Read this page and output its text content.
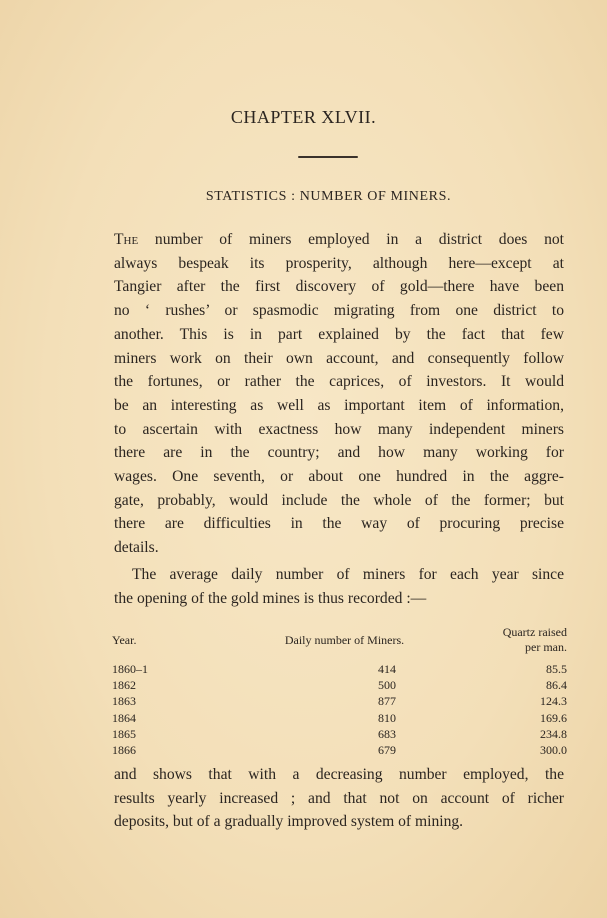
CHAPTER XLVII.
STATISTICS : NUMBER OF MINERS.
The number of miners employed in a district does not
always bespeak its prosperity, although here—except at
Tangier after the first discovery of gold—there have been
no ‘ rushes’ or spasmodic migrating from one district to
another. This is in part explained by the fact that few
miners work on their own account, and consequently follow
the fortunes, or rather the caprices, of investors. It would
be an interesting as well as important item of information,
to ascertain with exactness how many independent miners
there are in the country; and how many working for
wages. One seventh, or about one hundred in the aggre-
gate, probably, would include the whole of the former; but
there are difficulties in the way of procuring precise
details.
The average daily number of miners for each year since
the opening of the gold mines is thus recorded :—
Year.	Daily number of Miners.	Quartz raised per man.
1860–1	414	85.5
1862	500	86.4
1863	877	124.3
1864	810	169.6
1865	683	234.8
1866	679	300.0
and shows that with a decreasing number employed, the
results yearly increased ; and that not on account of richer
deposits, but of a gradually improved system of mining.
